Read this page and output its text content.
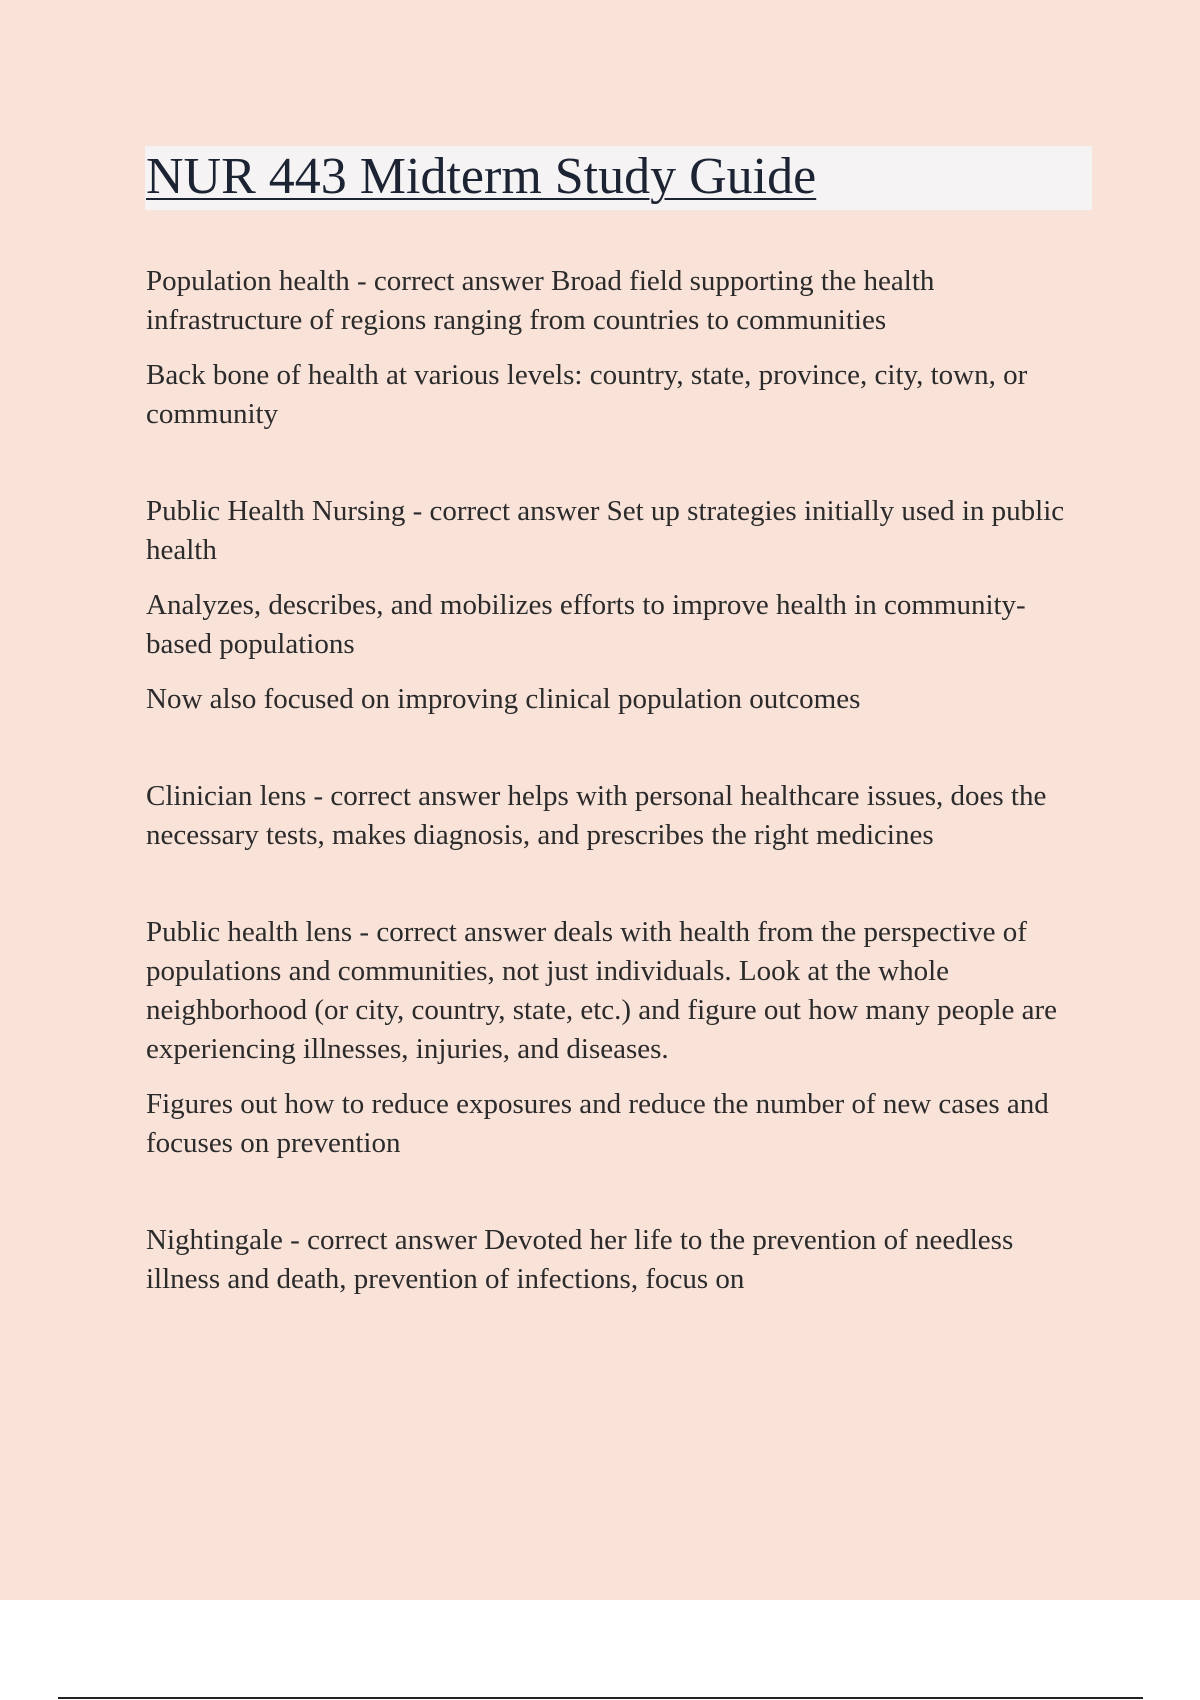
NUR 443 Midterm Study Guide

Population health - correct answer Broad field supporting the health infrastructure of regions ranging from countries to communities

Back bone of health at various levels: country, state, province, city, town, or community

Public Health Nursing - correct answer Set up strategies initially used in public health

Analyzes, describes, and mobilizes efforts to improve health in community-based populations

Now also focused on improving clinical population outcomes

Clinician lens - correct answer helps with personal healthcare issues, does the necessary tests, makes diagnosis, and prescribes the right medicines

Public health lens - correct answer deals with health from the perspective of populations and communities, not just individuals. Look at the whole neighborhood (or city, country, state, etc.) and figure out how many people are experiencing illnesses, injuries, and diseases.

Figures out how to reduce exposures and reduce the number of new cases and focuses on prevention

Nightingale - correct answer Devoted her life to the prevention of needless illness and death, prevention of infections, focus on
